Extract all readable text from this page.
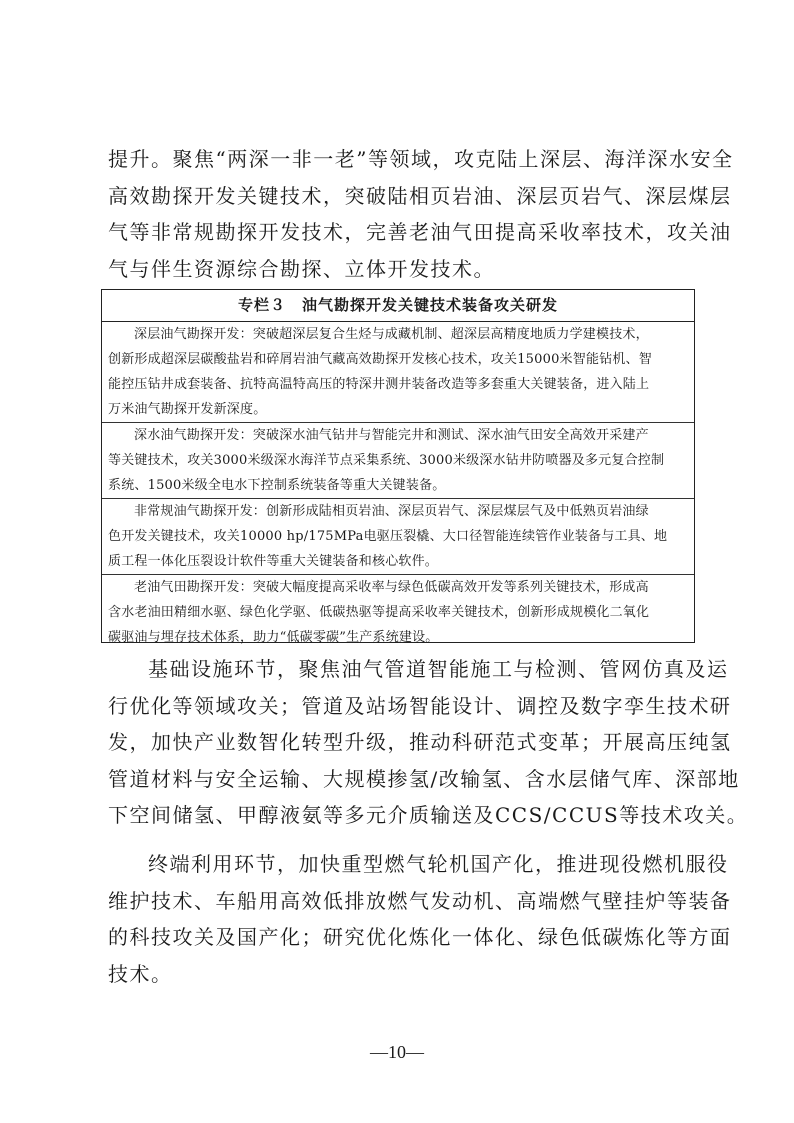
提升。聚焦“两深一非一老”等领域，攻克陆上深层、海洋深水安全
高效勘探开发关键技术，突破陆相页岩油、深层页岩气、深层煤层
气等非常规勘探开发技术，完善老油气田提高采收率技术，攻关油
气与伴生资源综合勘探、立体开发技术。
专栏３　油气勘探开发关键技术装备攻关研发
深层油气勘探开发：突破超深层复合生烃与成藏机制、超深层高精度地质力学建模技术，
创新形成超深层碳酸盐岩和碎屑岩油气藏高效勘探开发核心技术，攻关15000米智能钻机、智
能控压钻井成套装备、抗特高温特高压的特深井测井装备改造等多套重大关键装备，进入陆上
万米油气勘探开发新深度。
深水油气勘探开发：突破深水油气钻井与智能完井和测试、深水油气田安全高效开采建产
等关键技术，攻关3000米级深水海洋节点采集系统、3000米级深水钻井防喷器及多元复合控制
系统、1500米级全电水下控制系统装备等重大关键装备。
非常规油气勘探开发：创新形成陆相页岩油、深层页岩气、深层煤层气及中低熟页岩油绿
色开发关键技术，攻关10000 hp/175MPa电驱压裂橇、大口径智能连续管作业装备与工具、地
质工程一体化压裂设计软件等重大关键装备和核心软件。
老油气田勘探开发：突破大幅度提高采收率与绿色低碳高效开发等系列关键技术，形成高
含水老油田精细水驱、绿色化学驱、低碳热驱等提高采收率关键技术，创新形成规模化二氧化
碳驱油与埋存技术体系，助力“低碳零碳”生产系统建设。
基础设施环节，聚焦油气管道智能施工与检测、管网仿真及运
行优化等领域攻关；管道及站场智能设计、调控及数字孪生技术研
发，加快产业数智化转型升级，推动科研范式变革；开展高压纯氢
管道材料与安全运输、大规模掺氢/改输氢、含水层储气库、深部地
下空间储氢、甲醇液氨等多元介质输送及CCS/CCUS等技术攻关。
终端利用环节，加快重型燃气轮机国产化，推进现役燃机服役
维护技术、车船用高效低排放燃气发动机、高端燃气壁挂炉等装备
的科技攻关及国产化；研究优化炼化一体化、绿色低碳炼化等方面
技术。
—10—
